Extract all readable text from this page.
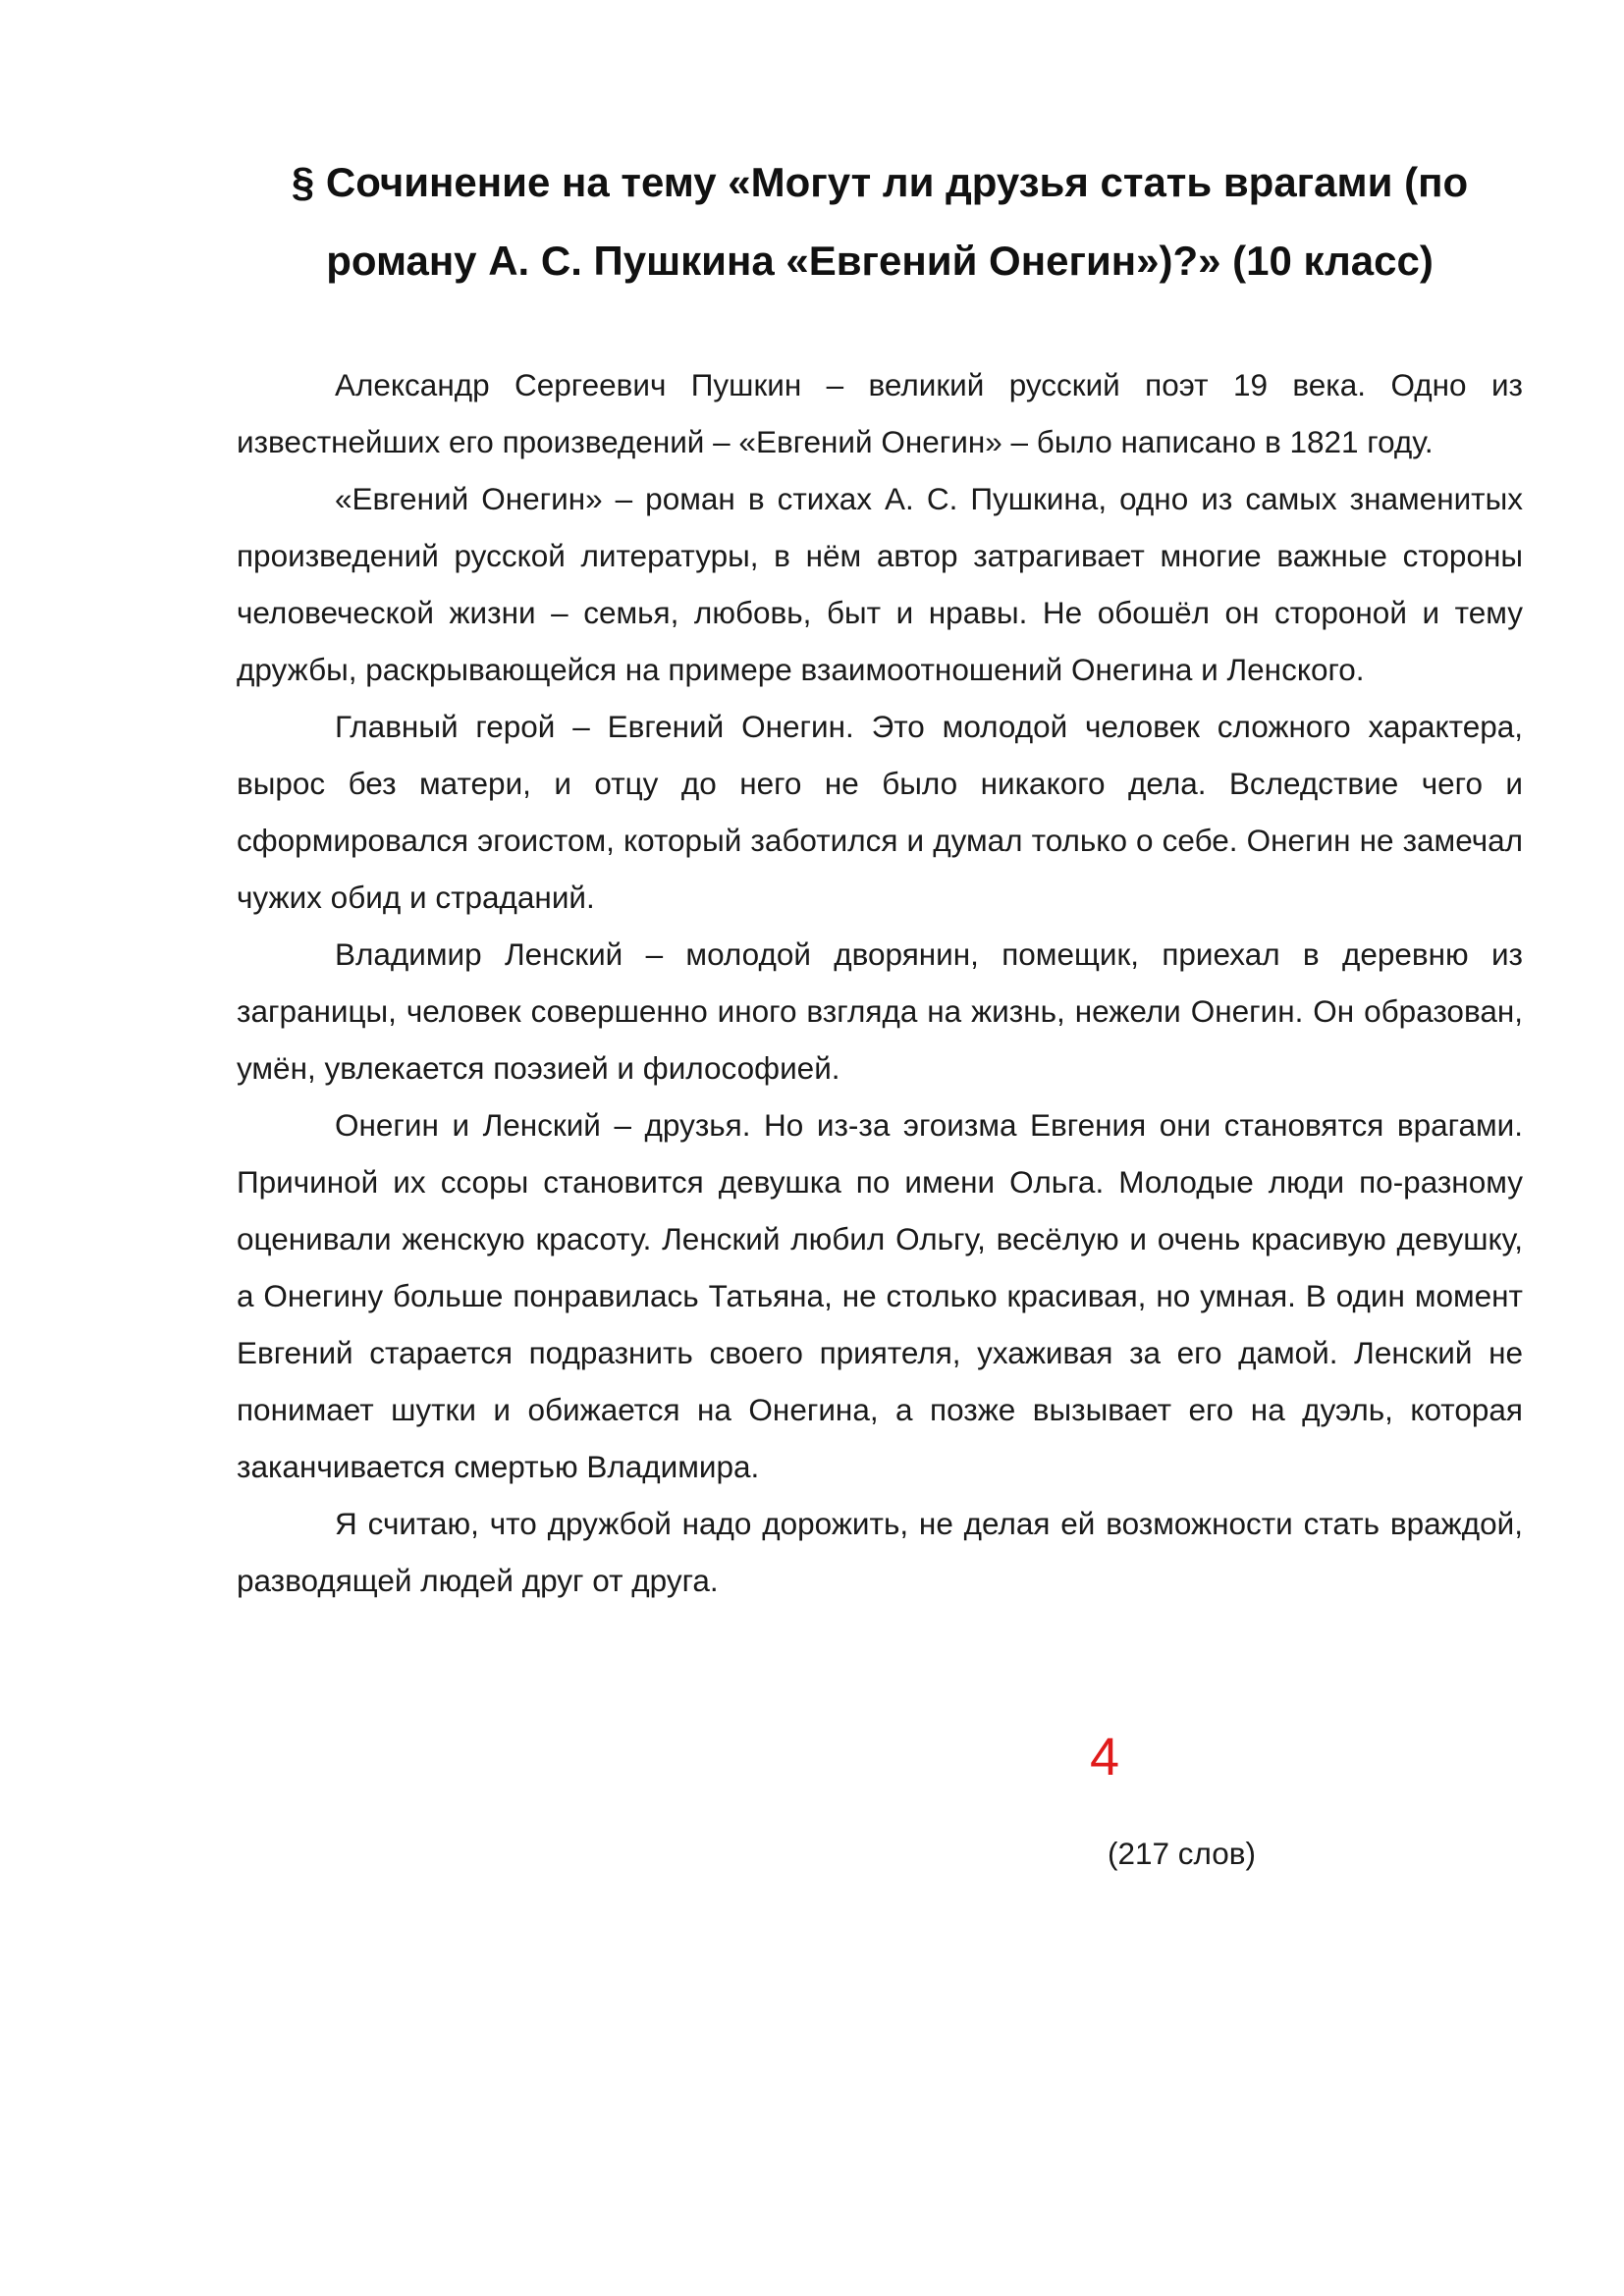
§ Сочинение на тему «Могут ли друзья стать врагами (по роману А. С. Пушкина «Евгений Онегин»)?» (10 класс)

Александр Сергеевич Пушкин – великий русский поэт 19 века. Одно из известнейших его произведений – «Евгений Онегин» – было написано в 1821 году.

«Евгений Онегин» – роман в стихах А. С. Пушкина, одно из самых знаменитых произведений русской литературы, в нём автор затрагивает многие важные стороны человеческой жизни – семья, любовь, быт и нравы. Не обошёл он стороной и тему дружбы, раскрывающейся на примере взаимоотношений Онегина и Ленского.

Главный герой – Евгений Онегин. Это молодой человек сложного характера, вырос без матери, и отцу до него не было никакого дела. Вследствие чего и сформировался эгоистом, который заботился и думал только о себе. Онегин не замечал чужих обид и страданий.

Владимир Ленский – молодой дворянин, помещик, приехал в деревню из заграницы, человек совершенно иного взгляда на жизнь, нежели Онегин. Он образован, умён, увлекается поэзией и философией.

Онегин и Ленский – друзья. Но из-за эгоизма Евгения они становятся врагами. Причиной их ссоры становится девушка по имени Ольга. Молодые люди по-разному оценивали женскую красоту. Ленский любил Ольгу, весёлую и очень красивую девушку, а Онегину больше понравилась Татьяна, не столько красивая, но умная. В один момент Евгений старается подразнить своего приятеля, ухаживая за его дамой. Ленский не понимает шутки и обижается на Онегина, а позже вызывает его на дуэль, которая заканчивается смертью Владимира.

Я считаю, что дружбой надо дорожить, не делая ей возможности стать враждой, разводящей людей друг от друга.

4
(217 слов)
